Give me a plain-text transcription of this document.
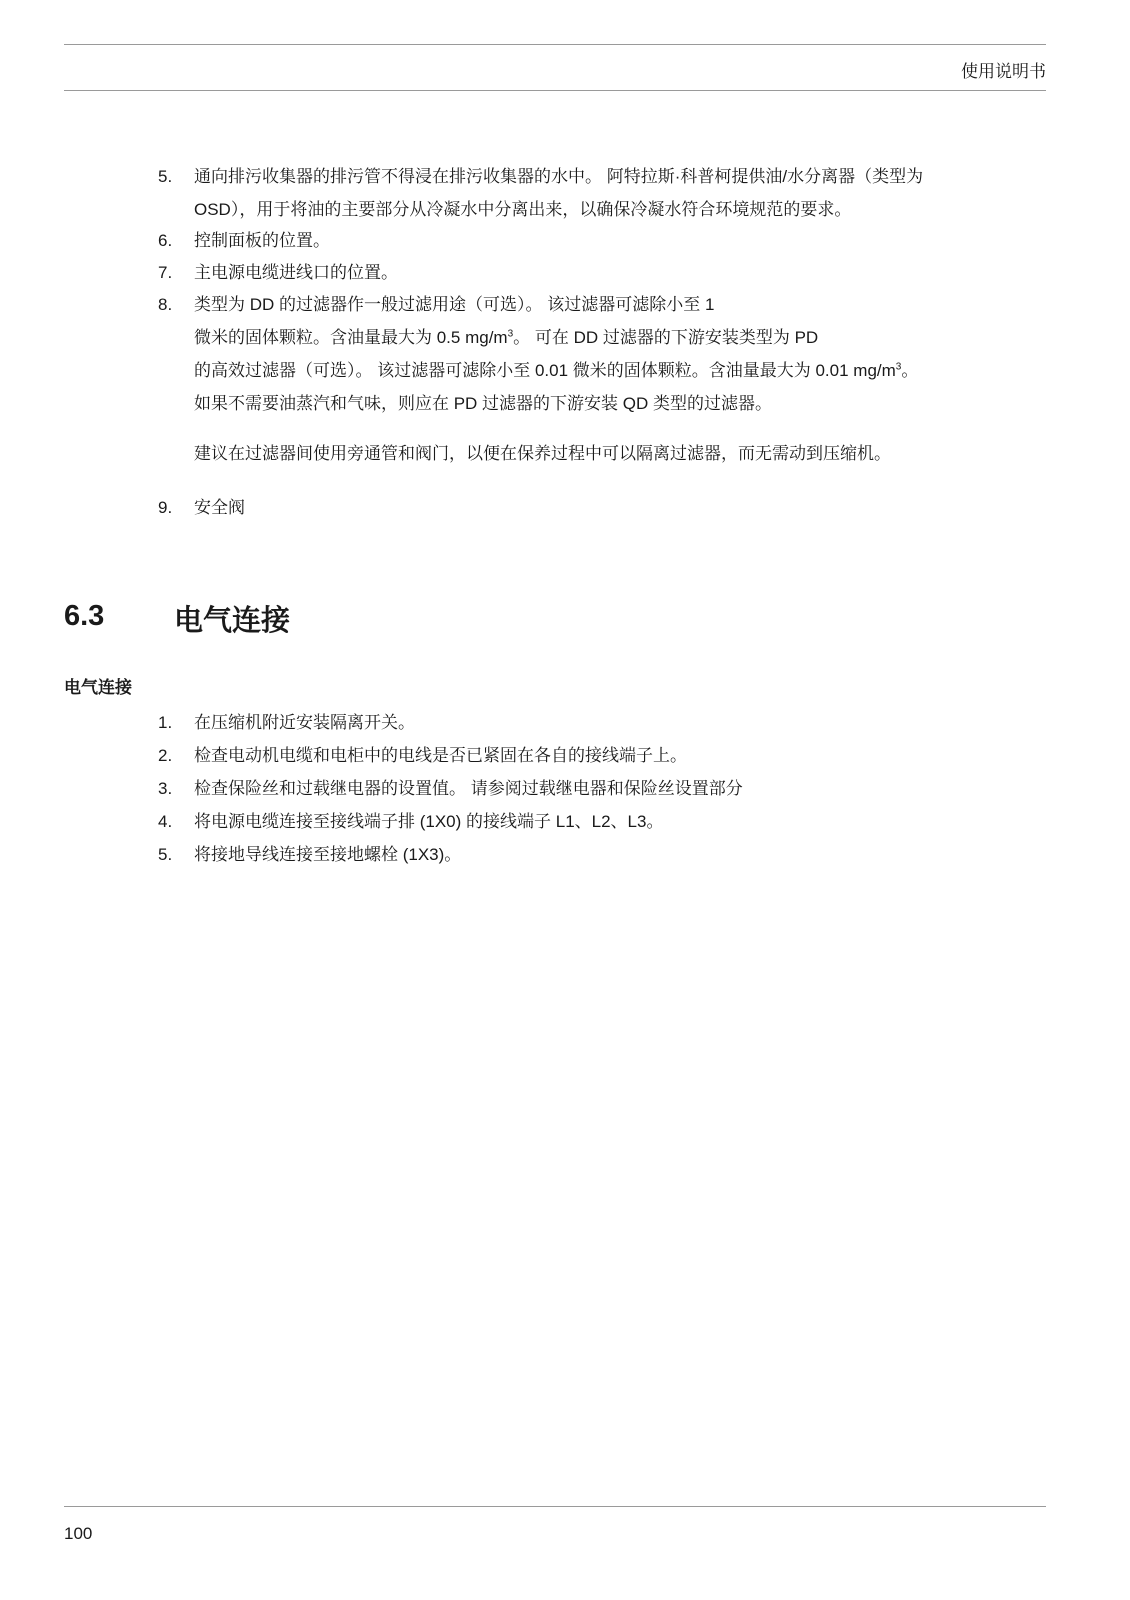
使用说明书
5.	通向排污收集器的排污管不得浸在排污收集器的水中。 阿特拉斯·科普柯提供油/水分离器（类型为
OSD），用于将油的主要部分从冷凝水中分离出来，以确保冷凝水符合环境规范的要求。
6.	控制面板的位置。
7.	主电源电缆进线口的位置。
8.	类型为 DD 的过滤器作一般过滤用途（可选）。 该过滤器可滤除小至 1
微米的固体颗粒。含油量最大为 0.5 $mg/m^3$。 可在 DD 过滤器的下游安装类型为 PD
的高效过滤器（可选）。 该过滤器可滤除小至 0.01 微米的固体颗粒。含油量最大为 0.01 $mg/m^3$。
如果不需要油蒸汽和气味，则应在 PD 过滤器的下游安装 QD 类型的过滤器。
建议在过滤器间使用旁通管和阀门，以便在保养过程中可以隔离过滤器，而无需动到压缩机。
9.	安全阀
6.3 电气连接
电气连接
1.	在压缩机附近安装隔离开关。
2.	检查电动机电缆和电柜中的电线是否已紧固在各自的接线端子上。
3.	检查保险丝和过载继电器的设置值。 请参阅过载继电器和保险丝设置部分
4.	将电源电缆连接至接线端子排 (1X0) 的接线端子 L1、L2、L3。
5.	将接地导线连接至接地螺栓 (1X3)。
100
